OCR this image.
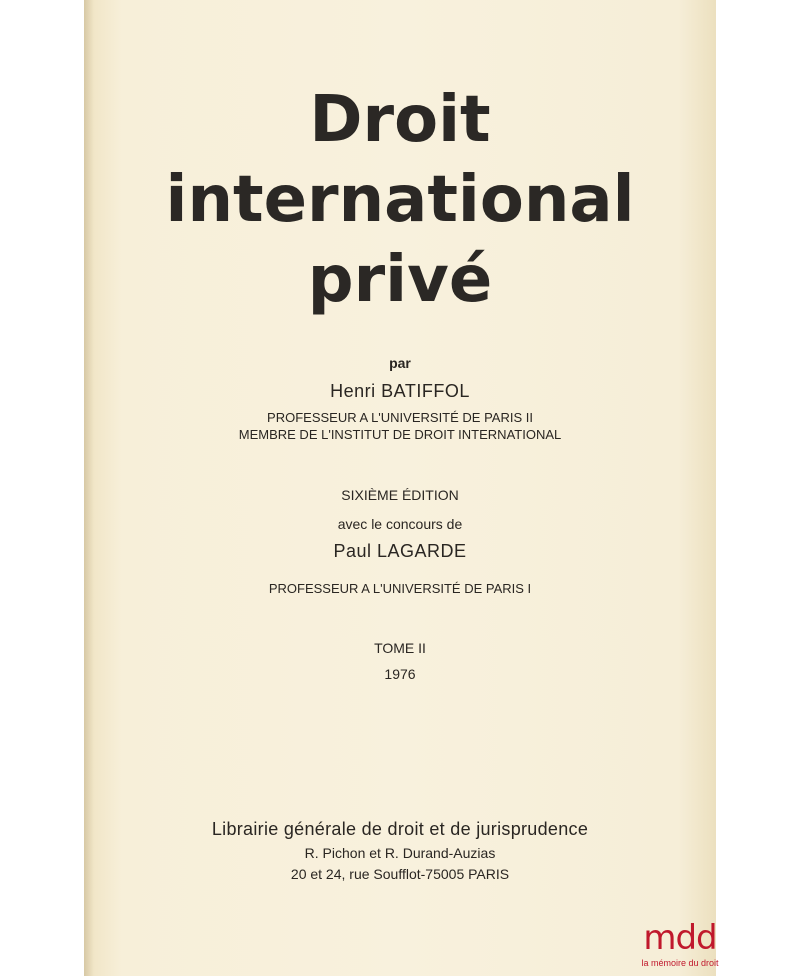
Droit
international
privé
par
Henri BATIFFOL
PROFESSEUR A L'UNIVERSITÉ DE PARIS II
MEMBRE DE L'INSTITUT DE DROIT INTERNATIONAL
SIXIÈME ÉDITION
avec le concours de
Paul LAGARDE
PROFESSEUR A L'UNIVERSITÉ DE PARIS I
TOME II
1976
Librairie générale de droit et de jurisprudence
R. Pichon et R. Durand-Auzias
20 et 24, rue Soufflot-75005 PARIS
mdd
la mémoire du droit
